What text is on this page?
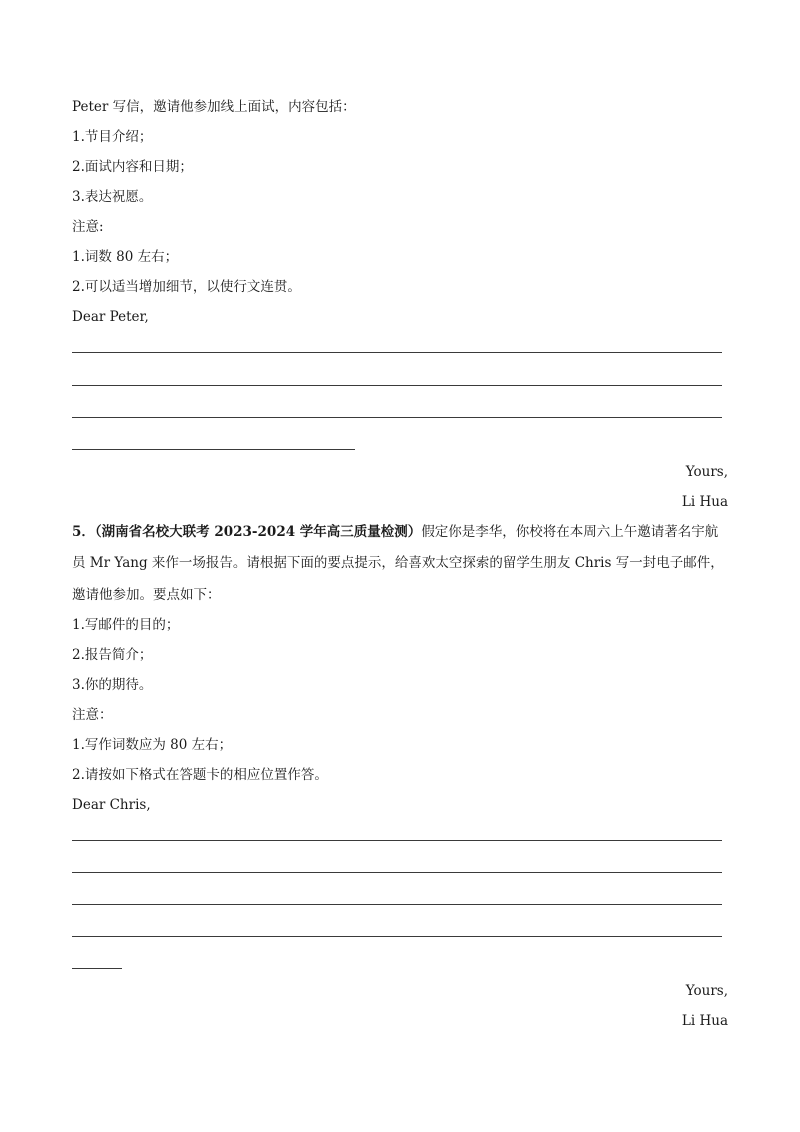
Peter 写信，邀请他参加线上面试，内容包括：
1.节目介绍；
2.面试内容和日期；
3.表达祝愿。
注意:
1.词数 80 左右；
2.可以适当增加细节，以使行文连贯。
Dear Peter,
Yours,
Li Hua
5．（湖南省名校大联考 2023-2024 学年高三质量检测）假定你是李华，你校将在本周六上午邀请著名宇航
员 Mr Yang 来作一场报告。请根据下面的要点提示，给喜欢太空探索的留学生朋友 Chris 写一封电子邮件，
邀请他参加。要点如下：
1.写邮件的目的；
2.报告简介；
3.你的期待。
注意：
1.写作词数应为 80 左右；
2.请按如下格式在答题卡的相应位置作答。
Dear Chris,
Yours,
Li Hua
